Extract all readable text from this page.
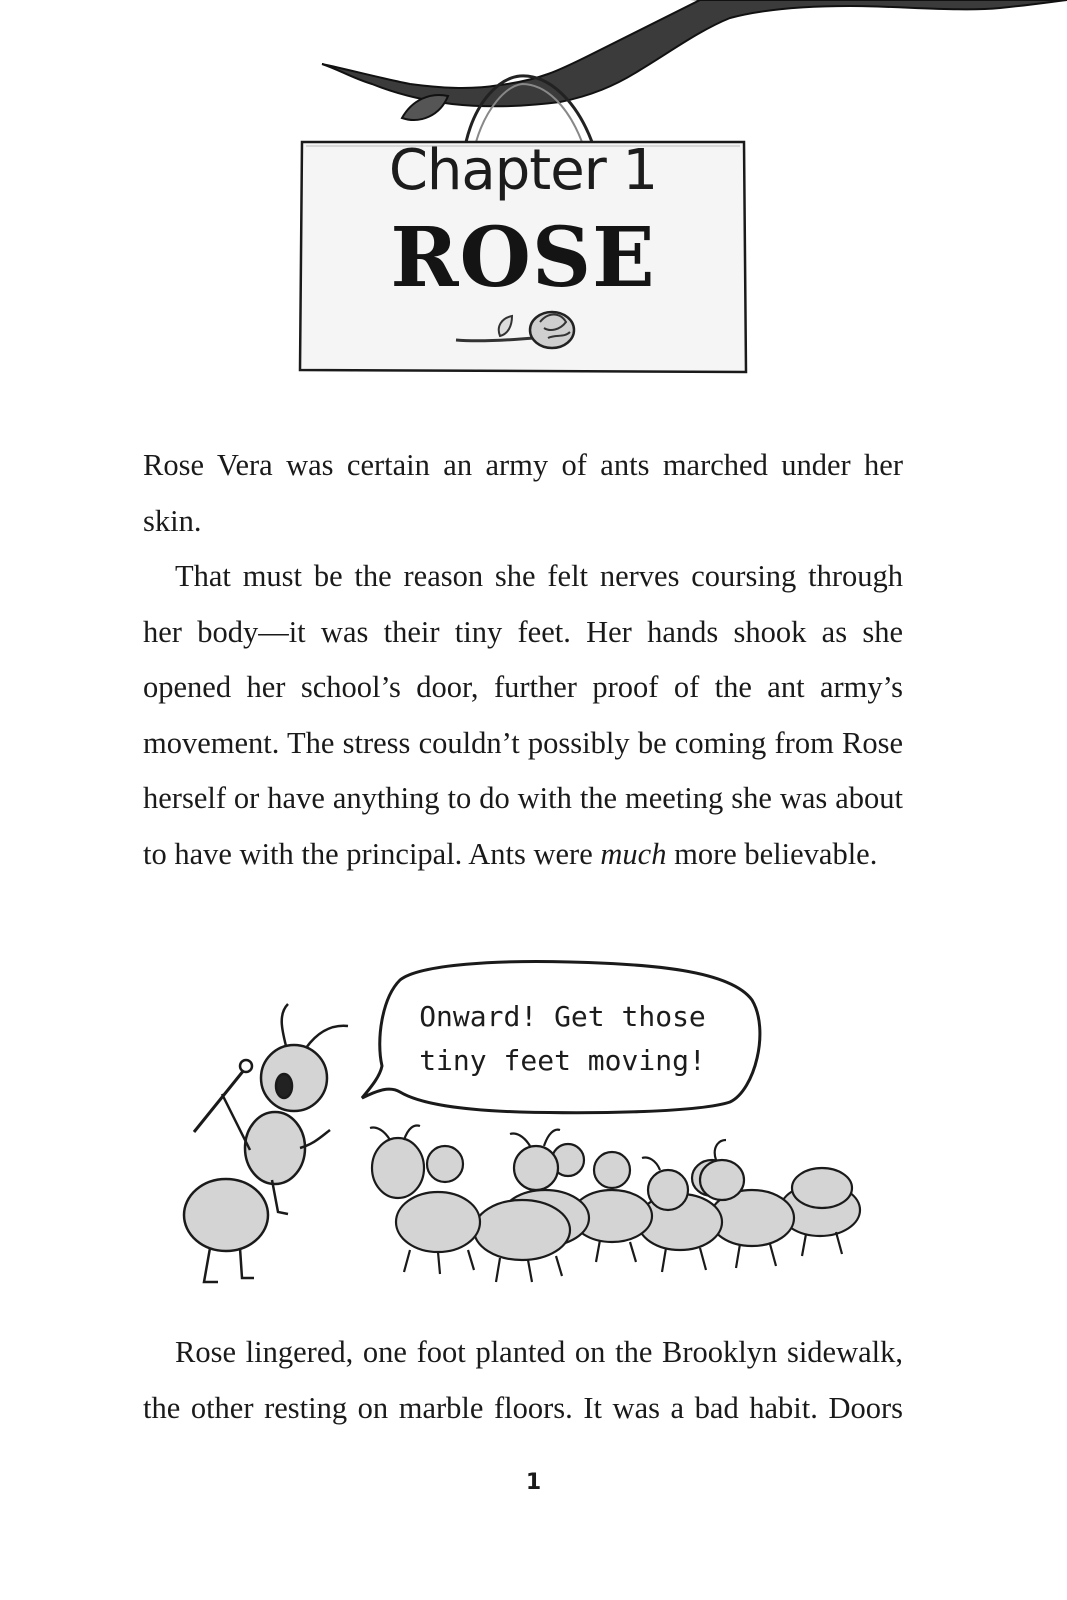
Chapter 1
ROSE

Rose Vera was certain an army of ants marched under her skin.

That must be the reason she felt nerves coursing through her body—it was their tiny feet. Her hands shook as she opened her school’s door, further proof of the ant army’s movement. The stress couldn’t possibly be coming from Rose herself or have anything to do with the meeting she was about to have with the principal. Ants were much more believable.

Onward! Get those
tiny feet moving!

Rose lingered, one foot planted on the Brooklyn sidewalk, the other resting on marble floors. It was a bad habit. Doors

1
